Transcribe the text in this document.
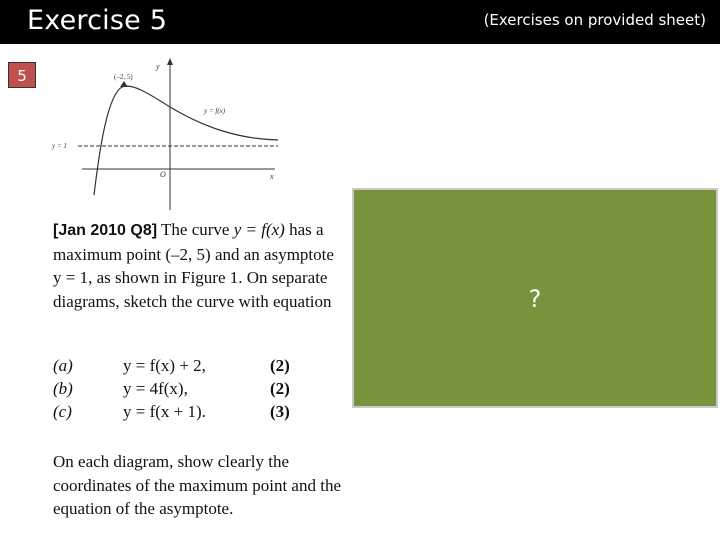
Exercise 5	(Exercises on provided sheet)
5
y
x
O
(–2, 5)
y = f(x)
y = 1
[Jan 2010 Q8] The curve y = f(x) has a maximum point (–2, 5) and an asymptote y = 1, as shown in Figure 1. On separate diagrams, sketch the curve with equation
(a)	y = f(x) + 2,	(2)
(b)	y = 4f(x),	(2)
(c)	y = f(x + 1).	(3)
On each diagram, show clearly the coordinates of the maximum point and the equation of the asymptote.
?
